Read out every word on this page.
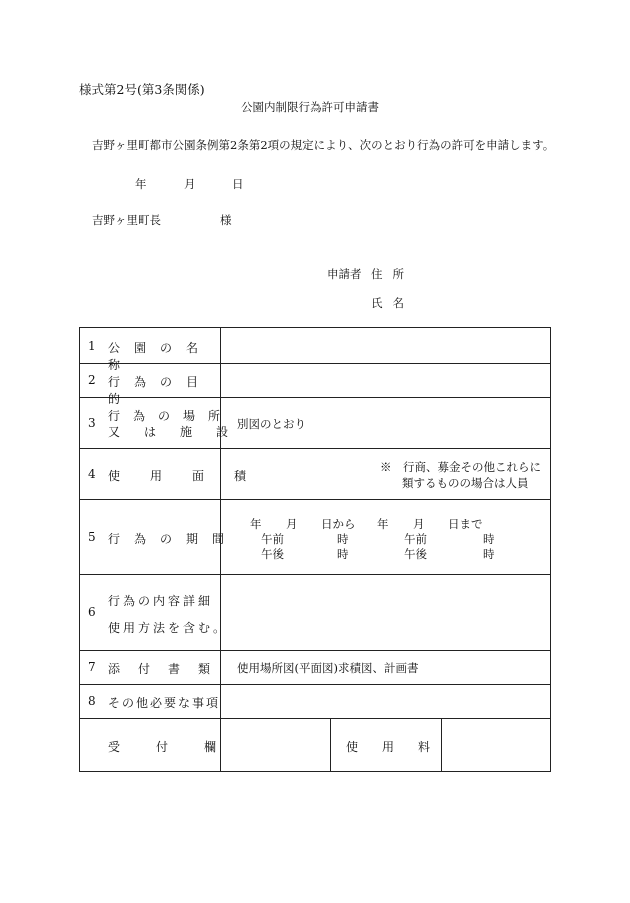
様式第2号(第3条関係)
公園内制限行為許可申請書
吉野ヶ里町都市公園条例第2条第2項の規定により、次のとおり行為の許可を申請します。
年	月	日
吉野ヶ里町長	様
申請者 住所
氏名
1 公園の名称
2 行為の目的
3 行為の場所
又は施設
別図のとおり
4 使用面積
※　行商、募金その他これらに
類するものの場合は人員
5 行為の期間
年 月 日から 年 月 日まで
午前	時	午前	時
午後	時	午後	時
6
行為の内容詳細
使用方法を含む。
7 添付書類 使用場所図(平面図)求積図、計画書
8 その他必要な事項
受付欄	使用料
